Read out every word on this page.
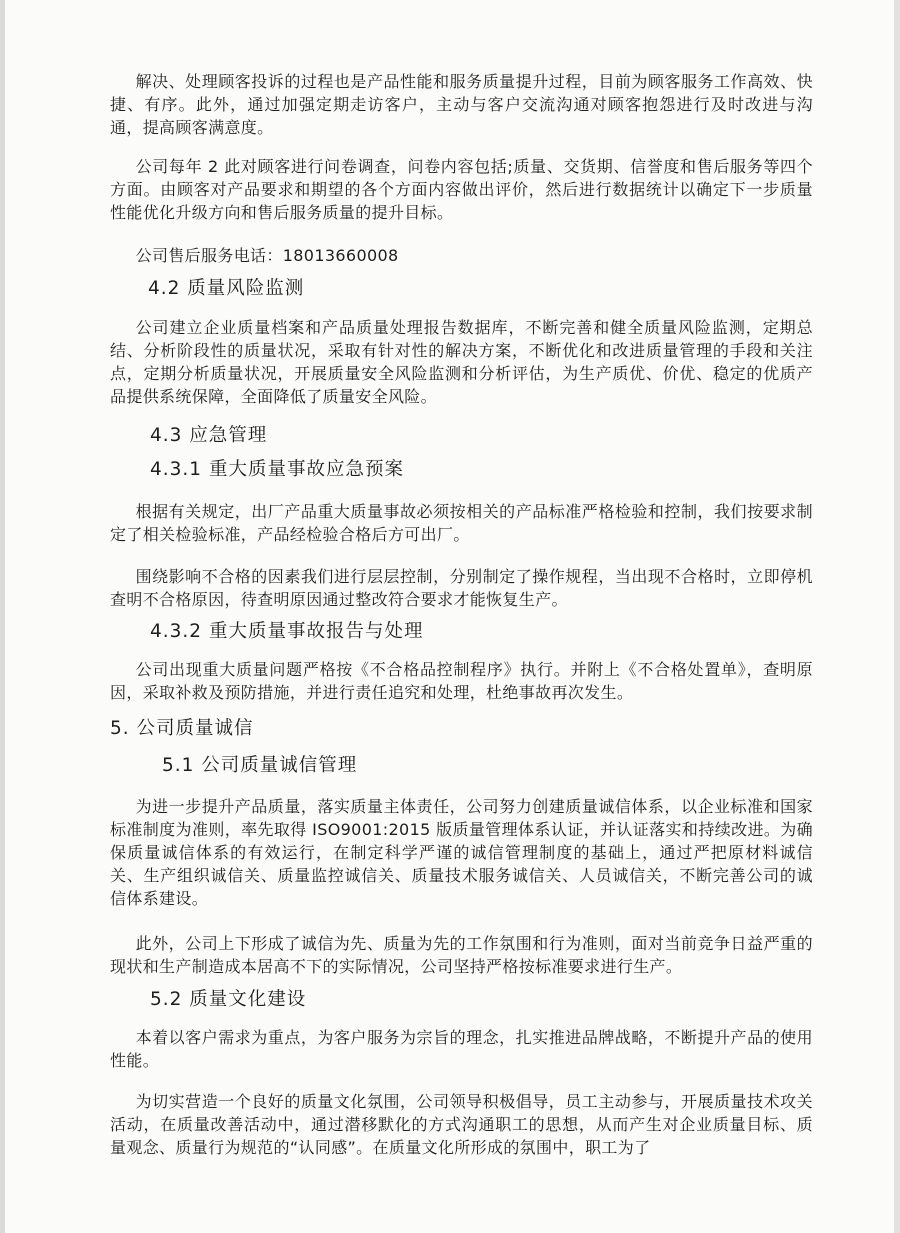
解决、处理顾客投诉的过程也是产品性能和服务质量提升过程，目前为顾客服务工作高效、快捷、有序。此外，通过加强定期走访客户，主动与客户交流沟通对顾客抱怨进行及时改进与沟通，提高顾客满意度。

公司每年 2 此对顾客进行问卷调查，问卷内容包括;质量、交货期、信誉度和售后服务等四个方面。由顾客对产品要求和期望的各个方面内容做出评价，然后进行数据统计以确定下一步质量性能优化升级方向和售后服务质量的提升目标。

公司售后服务电话：18013660008

4.2 质量风险监测

公司建立企业质量档案和产品质量处理报告数据库，不断完善和健全质量风险监测，定期总结、分析阶段性的质量状况，采取有针对性的解决方案，不断优化和改进质量管理的手段和关注点，定期分析质量状况，开展质量安全风险监测和分析评估，为生产质优、价优、稳定的优质产品提供系统保障，全面降低了质量安全风险。

4.3 应急管理
4.3.1 重大质量事故应急预案

根据有关规定，出厂产品重大质量事故必须按相关的产品标准严格检验和控制，我们按要求制定了相关检验标准，产品经检验合格后方可出厂。

围绕影响不合格的因素我们进行层层控制，分别制定了操作规程，当出现不合格时，立即停机查明不合格原因，待查明原因通过整改符合要求才能恢复生产。

4.3.2 重大质量事故报告与处理

公司出现重大质量问题严格按《不合格品控制程序》执行。并附上《不合格处置单》，查明原因，采取补救及预防措施，并进行责任追究和处理，杜绝事故再次发生。

5. 公司质量诚信
5.1 公司质量诚信管理

为进一步提升产品质量，落实质量主体责任，公司努力创建质量诚信体系，以企业标准和国家标准制度为准则，率先取得 ISO9001:2015 版质量管理体系认证，并认证落实和持续改进。为确保质量诚信体系的有效运行，在制定科学严谨的诚信管理制度的基础上，通过严把原材料诚信关、生产组织诚信关、质量监控诚信关、质量技术服务诚信关、人员诚信关，不断完善公司的诚信体系建设。

此外，公司上下形成了诚信为先、质量为先的工作氛围和行为准则，面对当前竞争日益严重的现状和生产制造成本居高不下的实际情况，公司坚持严格按标准要求进行生产。

5.2 质量文化建设

本着以客户需求为重点，为客户服务为宗旨的理念，扎实推进品牌战略，不断提升产品的使用性能。

为切实营造一个良好的质量文化氛围，公司领导积极倡导，员工主动参与，开展质量技术攻关活动，在质量改善活动中，通过潜移默化的方式沟通职工的思想，从而产生对企业质量目标、质量观念、质量行为规范的“认同感”。在质量文化所形成的氛围中，职工为了
